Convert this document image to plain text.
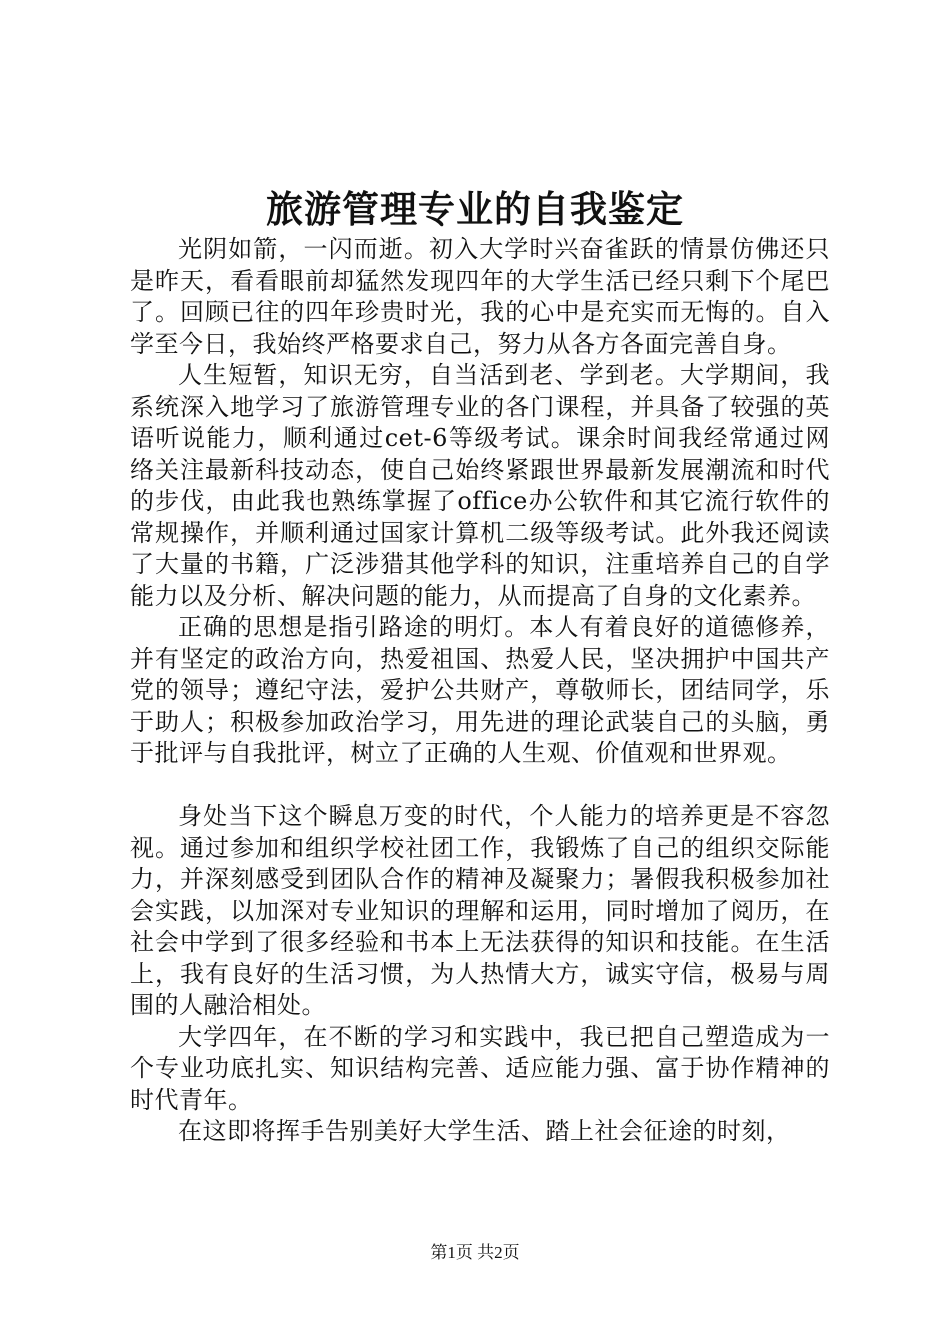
旅游管理专业的自我鉴定

光阴如箭，一闪而逝。初入大学时兴奋雀跃的情景仿佛还只是昨天，看看眼前却猛然发现四年的大学生活已经只剩下个尾巴了。回顾已往的四年珍贵时光，我的心中是充实而无悔的。自入学至今日，我始终严格要求自己，努力从各方各面完善自身。

人生短暂，知识无穷，自当活到老、学到老。大学期间，我系统深入地学习了旅游管理专业的各门课程，并具备了较强的英语听说能力，顺利通过cet-6等级考试。课余时间我经常通过网络关注最新科技动态，使自己始终紧跟世界最新发展潮流和时代的步伐，由此我也熟练掌握了office办公软件和其它流行软件的常规操作，并顺利通过国家计算机二级等级考试。此外我还阅读了大量的书籍，广泛涉猎其他学科的知识，注重培养自己的自学能力以及分析、解决问题的能力，从而提高了自身的文化素养。

正确的思想是指引路途的明灯。本人有着良好的道德修养，并有坚定的政治方向，热爱祖国、热爱人民，坚决拥护中国共产党的领导；遵纪守法，爱护公共财产，尊敬师长，团结同学，乐于助人；积极参加政治学习，用先进的理论武装自己的头脑，勇于批评与自我批评，树立了正确的人生观、价值观和世界观。

身处当下这个瞬息万变的时代，个人能力的培养更是不容忽视。通过参加和组织学校社团工作，我锻炼了自己的组织交际能力，并深刻感受到团队合作的精神及凝聚力；暑假我积极参加社会实践，以加深对专业知识的理解和运用，同时增加了阅历，在社会中学到了很多经验和书本上无法获得的知识和技能。在生活上，我有良好的生活习惯，为人热情大方，诚实守信，极易与周围的人融洽相处。

大学四年，在不断的学习和实践中，我已把自己塑造成为一个专业功底扎实、知识结构完善、适应能力强、富于协作精神的时代青年。

在这即将挥手告别美好大学生活、踏上社会征途的时刻，

第1页 共2页
